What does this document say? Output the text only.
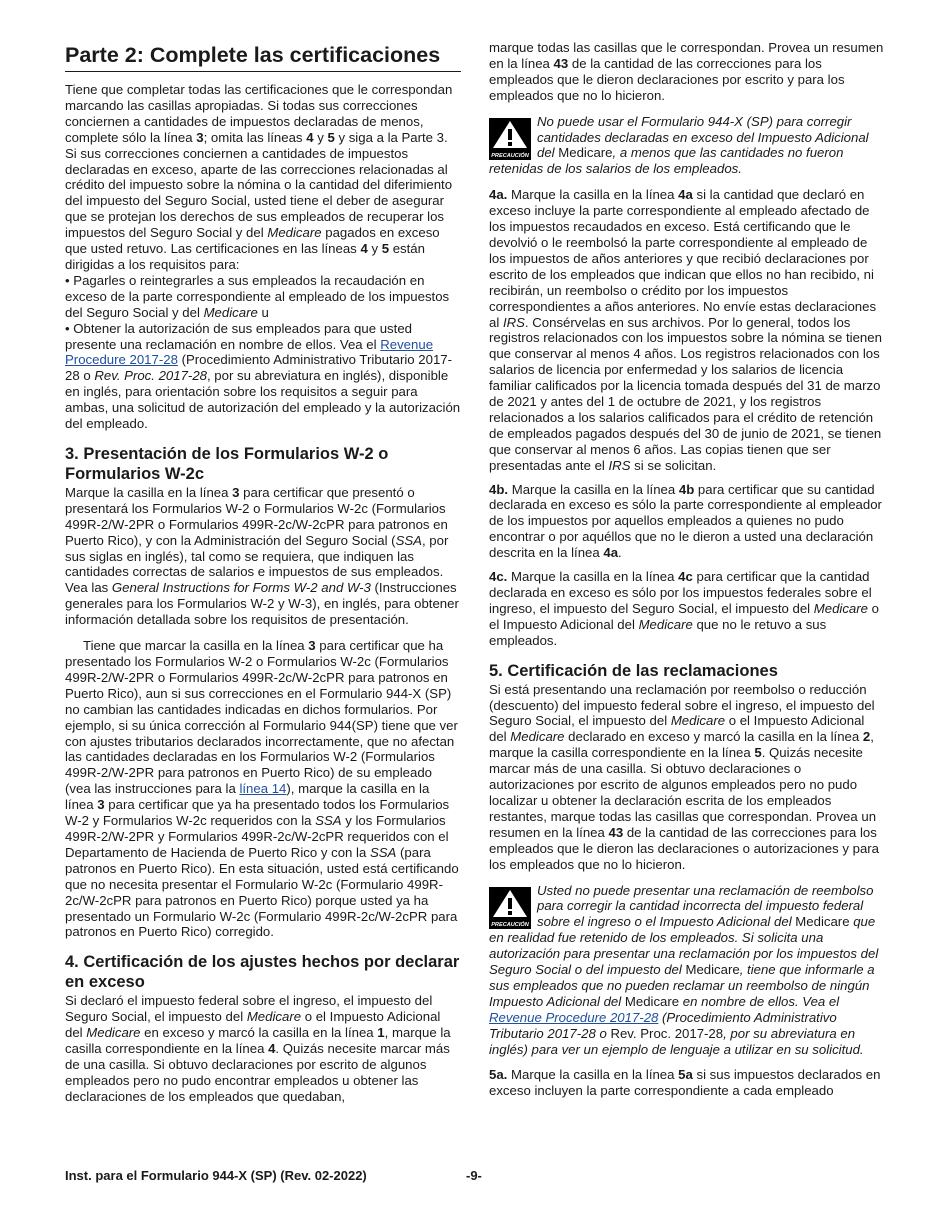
Parte 2: Complete las certificaciones

Tiene que completar todas las certificaciones que le correspondan marcando las casillas apropiadas. Si todas sus correcciones conciernen a cantidades de impuestos declaradas de menos, complete sólo la línea 3; omita las líneas 4 y 5 y siga a la Parte 3. Si sus correcciones conciernen a cantidades de impuestos declaradas en exceso, aparte de las correcciones relacionadas al crédito del impuesto sobre la nómina o la cantidad del diferimiento del impuesto del Seguro Social, usted tiene el deber de asegurar que se protejan los derechos de sus empleados de recuperar los impuestos del Seguro Social y del Medicare pagados en exceso que usted retuvo. Las certificaciones en las líneas 4 y 5 están dirigidas a los requisitos para:

• Pagarles o reintegrarles a sus empleados la recaudación en exceso de la parte correspondiente al empleado de los impuestos del Seguro Social y del Medicare u
• Obtener la autorización de sus empleados para que usted presente una reclamación en nombre de ellos. Vea el Revenue Procedure 2017-28 (Procedimiento Administrativo Tributario 2017-28 o Rev. Proc. 2017-28, por su abreviatura en inglés), disponible en inglés, para orientación sobre los requisitos a seguir para ambas, una solicitud de autorización del empleado y la autorización del empleado.
3. Presentación de los Formularios W-2 o Formularios W-2c

Marque la casilla en la línea 3 para certificar que presentó o presentará los Formularios W-2 o Formularios W-2c (Formularios 499R-2/W-2PR o Formularios 499R-2c/W-2cPR para patronos en Puerto Rico), y con la Administración del Seguro Social (SSA, por sus siglas en inglés), tal como se requiera, que indiquen las cantidades correctas de salarios e impuestos de sus empleados. Vea las General Instructions for Forms W-2 and W-3 (Instrucciones generales para los Formularios W-2 y W-3), en inglés, para obtener información detallada sobre los requisitos de presentación.

Tiene que marcar la casilla en la línea 3 para certificar que ha presentado los Formularios W-2 o Formularios W-2c (Formularios 499R-2/W-2PR o Formularios 499R-2c/W-2cPR para patronos en Puerto Rico), aun si sus correcciones en el Formulario 944-X (SP) no cambian las cantidades indicadas en dichos formularios. Por ejemplo, si su única corrección al Formulario 944(SP) tiene que ver con ajustes tributarios declarados incorrectamente, que no afectan las cantidades declaradas en los Formularios W-2 (Formularios 499R-2/W-2PR para patronos en Puerto Rico) de su empleado (vea las instrucciones para la línea 14), marque la casilla en la línea 3 para certificar que ya ha presentado todos los Formularios W-2 y Formularios W-2c requeridos con la SSA y los Formularios 499R-2/W-2PR y Formularios 499R-2c/W-2cPR requeridos con el Departamento de Hacienda de Puerto Rico y con la SSA (para patronos en Puerto Rico). En esta situación, usted está certificando que no necesita presentar el Formulario W-2c (Formulario 499R-2c/W-2cPR para patronos en Puerto Rico) porque usted ya ha presentado un Formulario W-2c (Formulario 499R-2c/W-2cPR para patronos en Puerto Rico) corregido.

4. Certificación de los ajustes hechos por declarar en exceso

Si declaró el impuesto federal sobre el ingreso, el impuesto del Seguro Social, el impuesto del Medicare o el Impuesto Adicional del Medicare en exceso y marcó la casilla en la línea 1, marque la casilla correspondiente en la línea 4. Quizás necesite marcar más de una casilla. Si obtuvo declaraciones por escrito de algunos empleados pero no pudo encontrar empleados u obtener las declaraciones de los empleados que quedaban,

marque todas las casillas que le correspondan. Provea un resumen en la línea 43 de la cantidad de las correcciones para los empleados que le dieron declaraciones por escrito y para los empleados que no lo hicieron.

PRECAUCIÓN
No puede usar el Formulario 944-X (SP) para corregir cantidades declaradas en exceso del Impuesto Adicional del Medicare, a menos que las cantidades no fueron retenidas de los salarios de los empleados.

4a. Marque la casilla en la línea 4a si la cantidad que declaró en exceso incluye la parte correspondiente al empleado afectado de los impuestos recaudados en exceso. Está certificando que le devolvió o le reembolsó la parte correspondiente al empleado de los impuestos de años anteriores y que recibió declaraciones por escrito de los empleados que indican que ellos no han recibido, ni recibirán, un reembolso o crédito por los impuestos correspondientes a años anteriores. No envíe estas declaraciones al IRS. Consérvelas en sus archivos. Por lo general, todos los registros relacionados con los impuestos sobre la nómina se tienen que conservar al menos 4 años. Los registros relacionados con los salarios de licencia por enfermedad y los salarios de licencia familiar calificados por la licencia tomada después del 31 de marzo de 2021 y antes del 1 de octubre de 2021, y los registros relacionados a los salarios calificados para el crédito de retención de empleados pagados después del 30 de junio de 2021, se tienen que conservar al menos 6 años. Las copias tienen que ser presentadas ante el IRS si se solicitan.

4b. Marque la casilla en la línea 4b para certificar que su cantidad declarada en exceso es sólo la parte correspondiente al empleador de los impuestos por aquellos empleados a quienes no pudo encontrar o por aquéllos que no le dieron a usted una declaración descrita en la línea 4a.

4c. Marque la casilla en la línea 4c para certificar que la cantidad declarada en exceso es sólo por los impuestos federales sobre el ingreso, el impuesto del Seguro Social, el impuesto del Medicare o el Impuesto Adicional del Medicare que no le retuvo a sus empleados.

5. Certificación de las reclamaciones

Si está presentando una reclamación por reembolso o reducción (descuento) del impuesto federal sobre el ingreso, el impuesto del Seguro Social, el impuesto del Medicare o el Impuesto Adicional del Medicare declarado en exceso y marcó la casilla en la línea 2, marque la casilla correspondiente en la línea 5. Quizás necesite marcar más de una casilla. Si obtuvo declaraciones o autorizaciones por escrito de algunos empleados pero no pudo localizar u obtener la declaración escrita de los empleados restantes, marque todas las casillas que correspondan. Provea un resumen en la línea 43 de la cantidad de las correcciones para los empleados que le dieron las declaraciones o autorizaciones y para los empleados que no lo hicieron.

PRECAUCIÓN
Usted no puede presentar una reclamación de reembolso para corregir la cantidad incorrecta del impuesto federal sobre el ingreso o el Impuesto Adicional del Medicare que en realidad fue retenido de los empleados. Si solicita una autorización para presentar una reclamación por los impuestos del Seguro Social o del impuesto del Medicare, tiene que informarle a sus empleados que no pueden reclamar un reembolso de ningún Impuesto Adicional del Medicare en nombre de ellos. Vea el Revenue Procedure 2017-28 (Procedimiento Administrativo Tributario 2017-28 o Rev. Proc. 2017-28, por su abreviatura en inglés) para ver un ejemplo de lenguaje a utilizar en su solicitud.

5a. Marque la casilla en la línea 5a si sus impuestos declarados en exceso incluyen la parte correspondiente a cada empleado

Inst. para el Formulario 944-X (SP) (Rev. 02-2022)	-9-
